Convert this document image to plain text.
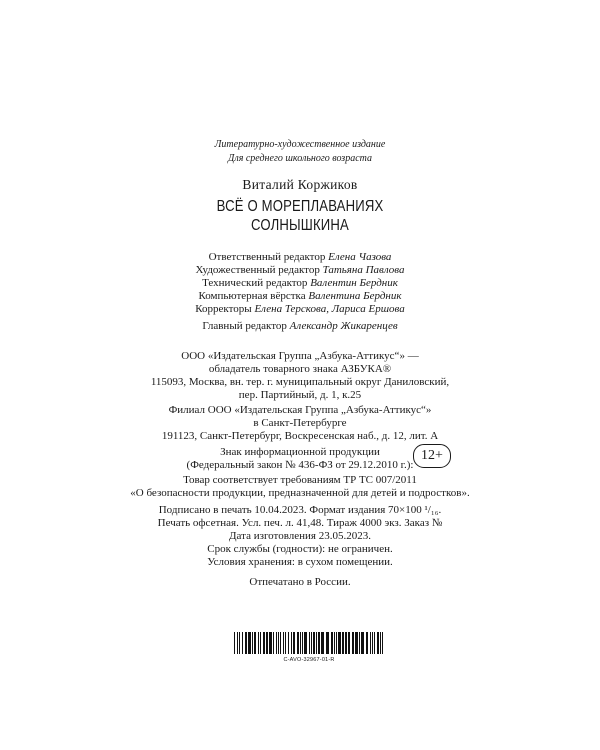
Литературно-художественное издание
Для среднего школьного возраста
Виталий Коржиков
ВСЁ О МОРЕПЛАВАНИЯХ
СОЛНЫШКИНА
Ответственный редактор Елена Чазова
Художественный редактор Татьяна Павлова
Технический редактор Валентин Бердник
Компьютерная вёрстка Валентина Бердник
Корректоры Елена Терскова, Лариса Ершова
Главный редактор Александр Жикаренцев
ООО «Издательская Группа „Азбука-Аттикус“» —
обладатель товарного знака АЗБУКА®
115093, Москва, вн. тер. г. муниципальный округ Даниловский,
пер. Партийный, д. 1, к.25
Филиал ООО «Издательская Группа „Азбука-Аттикус“»
в Санкт-Петербурге
191123, Санкт-Петербург, Воскресенская наб., д. 12, лит. А
Знак информационной продукции
(Федеральный закон № 436-ФЗ от 29.12.2010 г.):
12+
Товар соответствует требованиям ТР ТС 007/2011
«О безопасности продукции, предназначенной для детей и подростков».
Подписано в печать 10.04.2023. Формат издания 70×100 ¹/₁₆.
Печать офсетная. Усл. печ. л. 41,48. Тираж 4000 экз. Заказ №
Дата изготовления 23.05.2023.
Срок службы (годности): не ограничен.
Условия хранения: в сухом помещении.
Отпечатано в России.
C-AVO-32967-01-R
